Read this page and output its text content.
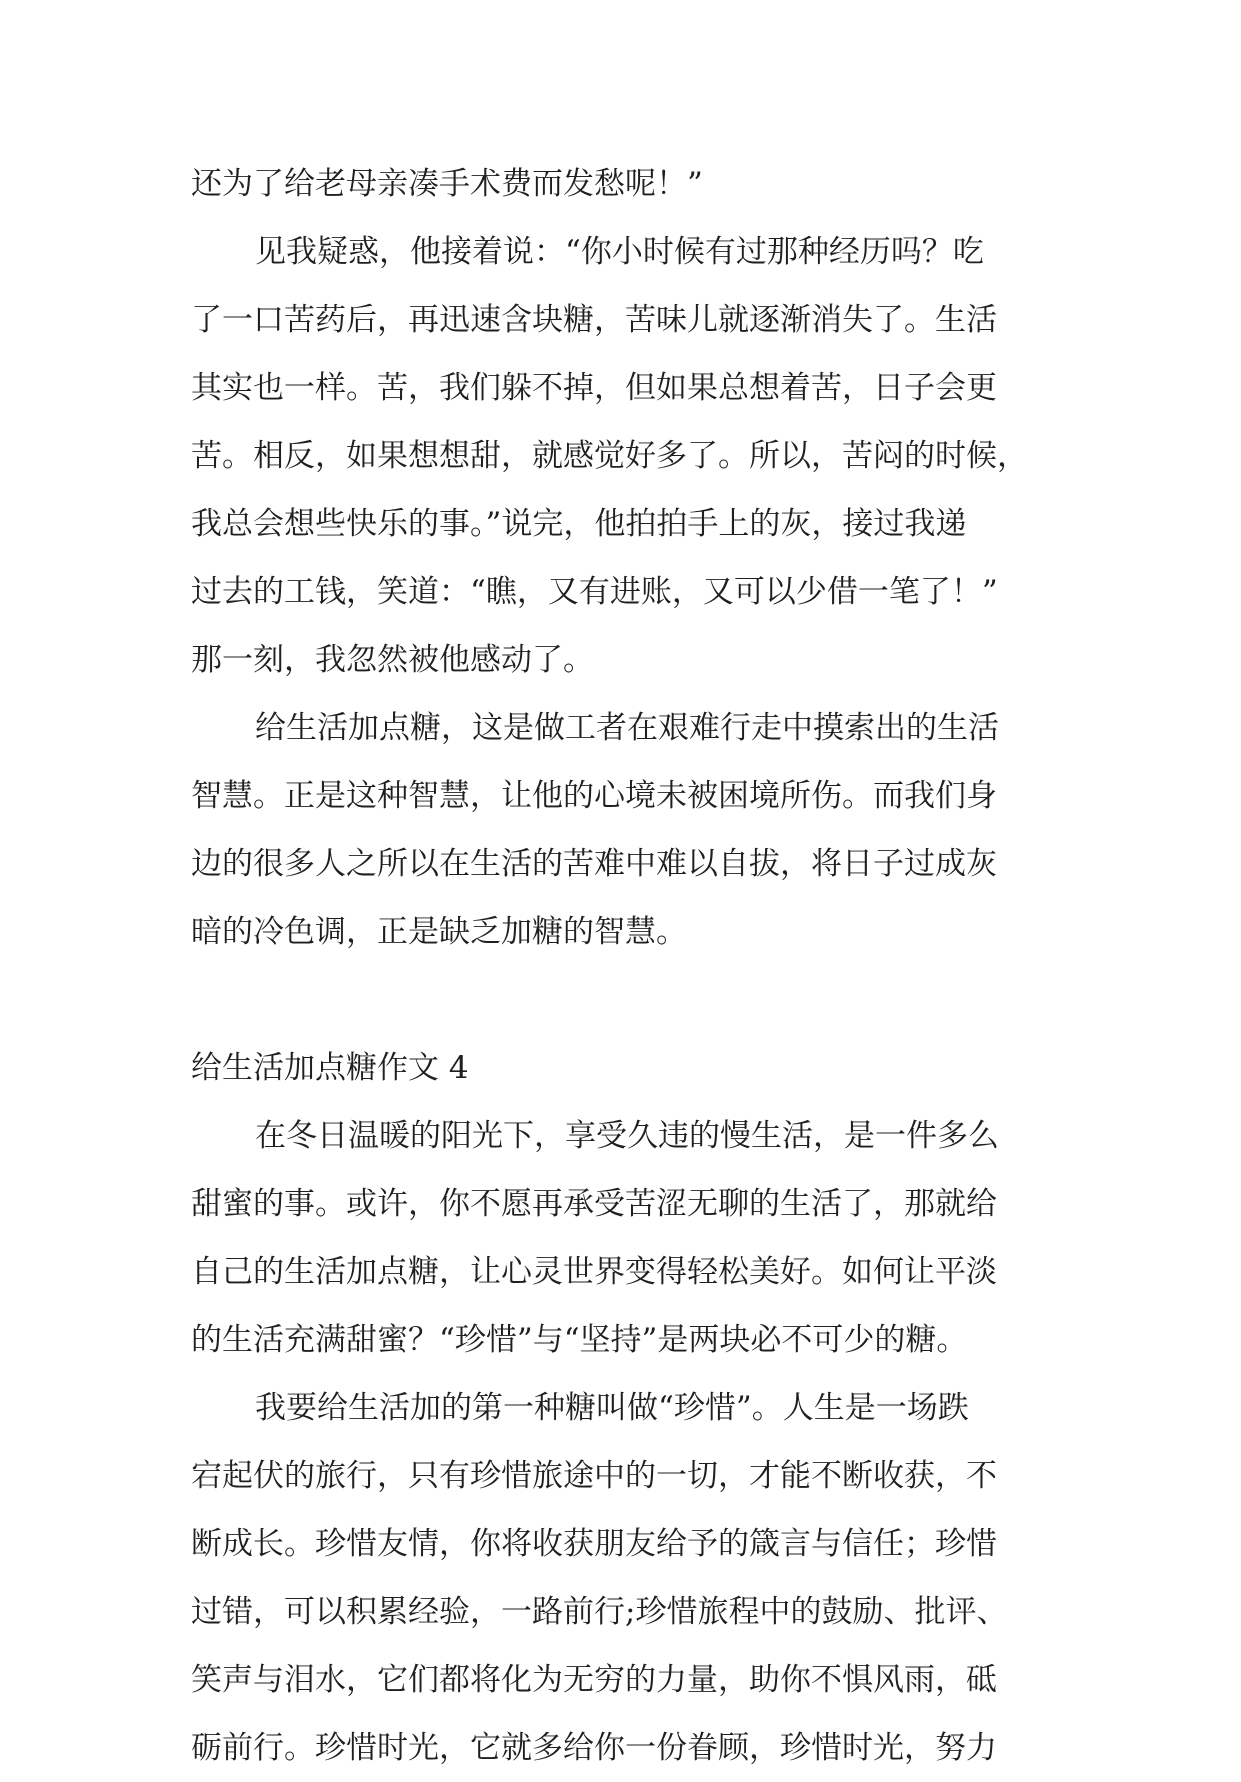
还为了给老母亲凑手术费而发愁呢！”
见我疑惑，他接着说：“你小时候有过那种经历吗？吃
了一口苦药后，再迅速含块糖，苦味儿就逐渐消失了。生活
其实也一样。苦，我们躲不掉，但如果总想着苦，日子会更
苦。相反，如果想想甜，就感觉好多了。所以，苦闷的时候，
我总会想些快乐的事。”说完，他拍拍手上的灰，接过我递
过去的工钱，笑道：“瞧，又有进账，又可以少借一笔了！”
那一刻，我忽然被他感动了。
给生活加点糖，这是做工者在艰难行走中摸索出的生活
智慧。正是这种智慧，让他的心境未被困境所伤。而我们身
边的很多人之所以在生活的苦难中难以自拔，将日子过成灰
暗的冷色调，正是缺乏加糖的智慧。
给生活加点糖作文 4
在冬日温暖的阳光下，享受久违的慢生活，是一件多么
甜蜜的事。或许，你不愿再承受苦涩无聊的生活了，那就给
自己的生活加点糖，让心灵世界变得轻松美好。如何让平淡
的生活充满甜蜜？“珍惜”与“坚持”是两块必不可少的糖。
我要给生活加的第一种糖叫做“珍惜”。人生是一场跌
宕起伏的旅行，只有珍惜旅途中的一切，才能不断收获，不
断成长。珍惜友情，你将收获朋友给予的箴言与信任；珍惜
过错，可以积累经验，一路前行;珍惜旅程中的鼓励、批评、
笑声与泪水，它们都将化为无穷的力量，助你不惧风雨，砥
砺前行。珍惜时光，它就多给你一份眷顾，珍惜时光，努力
